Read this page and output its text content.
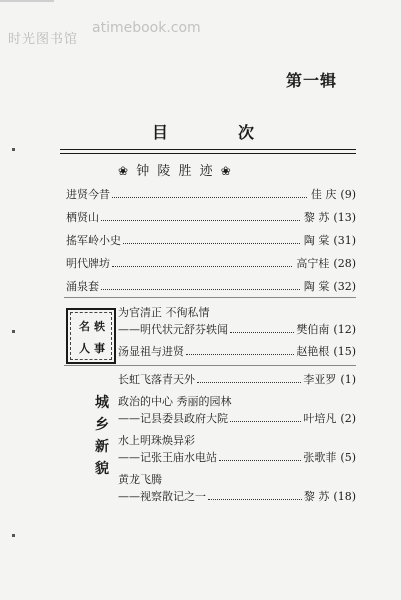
时光图书馆
atimebook.com
第一辑
目	次
❀ 钟 陵 胜 迹 ❀
进贤今昔	佳 庆 (9)
栖贤山	黎 苏 (13)
搖军岭小史	陶 棠 (31)
明代牌坊	高宁桂 (28)
涌泉套	陶 棠 (32)
名 轶
人 事
为官清正 不徇私情
——明代状元舒芬轶闻	樊伯南 (12)
汤显祖与进贤	赵艳根 (15)
城
乡
新
貌
长虹飞落青天外	李亚罗 (1)
政治的中心 秀丽的园林
——记县委县政府大院	叶培凡 (2)
水上明珠焕异彩
——记张王庙水电站	张歌菲 (5)
黄龙飞腾
——视察散记之一	黎 苏 (18)
